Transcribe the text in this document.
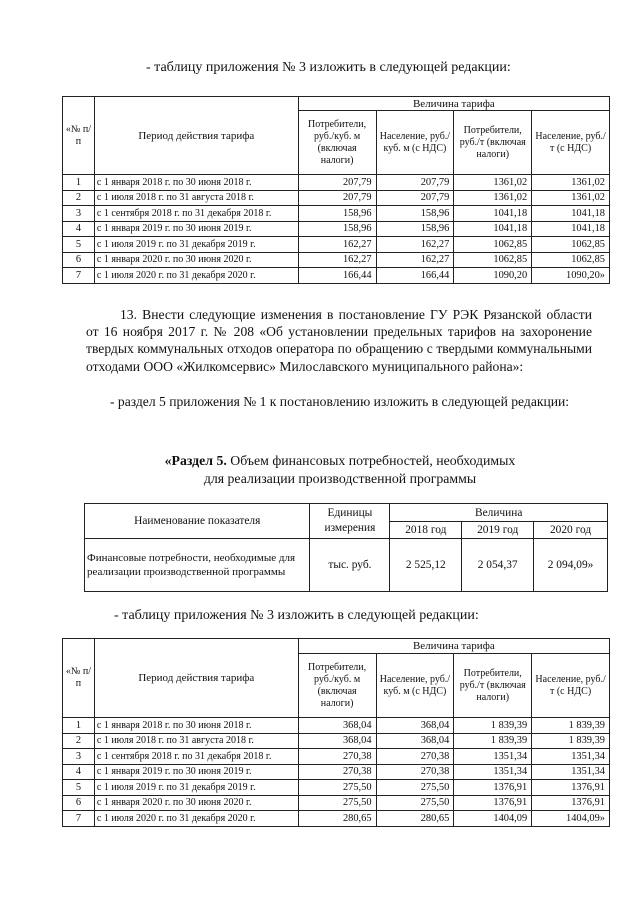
- таблицу приложения № 3 изложить в следующей редакции:
«№ п/п	Период действия тарифа	Величина тарифа			
		Потребители, руб./куб. м (включая налоги)	Население, руб./куб. м (с НДС)	Потребители, руб./т (включая налоги)	Население, руб./т (с НДС)
1	с 1 января 2018 г. по 30 июня 2018 г.	207,79	207,79	1361,02	1361,02
2	с 1 июля 2018 г. по 31 августа 2018 г.	207,79	207,79	1361,02	1361,02
3	с 1 сентября 2018 г. по 31 декабря 2018 г.	158,96	158,96	1041,18	1041,18
4	с 1 января 2019 г. по 30 июня 2019 г.	158,96	158,96	1041,18	1041,18
5	с 1 июля 2019 г. по 31 декабря 2019 г.	162,27	162,27	1062,85	1062,85
6	с 1 января 2020 г. по 30 июня 2020 г.	162,27	162,27	1062,85	1062,85
7	с 1 июля 2020 г. по 31 декабря 2020 г.	166,44	166,44	1090,20	1090,20»
13. Внести следующие изменения в постановление ГУ РЭК Рязанской области от 16 ноября 2017 г. № 208 «Об установлении предельных тарифов на захоронение твердых коммунальных отходов оператора по обращению с твердыми коммунальными отходами ООО «Жилкомсервис» Милославского муниципального района»:
- раздел 5 приложения № 1 к постановлению изложить в следующей редакции:
«Раздел 5. Объем финансовых потребностей, необходимых
для реализации производственной программы
Наименование показателя	Единицы измерения	Величина		
		2018 год	2019 год	2020 год
Финансовые потребности, необходимые для реализации производственной программы	тыс. руб.	2 525,12	2 054,37	2 094,09»
- таблицу приложения № 3 изложить в следующей редакции:
«№ п/п	Период действия тарифа	Величина тарифа			
		Потребители, руб./куб. м (включая налоги)	Население, руб./куб. м (с НДС)	Потребители, руб./т (включая налоги)	Население, руб./т (с НДС)
1	с 1 января 2018 г. по 30 июня 2018 г.	368,04	368,04	1 839,39	1 839,39
2	с 1 июля 2018 г. по 31 августа 2018 г.	368,04	368,04	1 839,39	1 839,39
3	с 1 сентября 2018 г. по 31 декабря 2018 г.	270,38	270,38	1351,34	1351,34
4	с 1 января 2019 г. по 30 июня 2019 г.	270,38	270,38	1351,34	1351,34
5	с 1 июля 2019 г. по 31 декабря 2019 г.	275,50	275,50	1376,91	1376,91
6	с 1 января 2020 г. по 30 июня 2020 г.	275,50	275,50	1376,91	1376,91
7	с 1 июля 2020 г. по 31 декабря 2020 г.	280,65	280,65	1404,09	1404,09»
